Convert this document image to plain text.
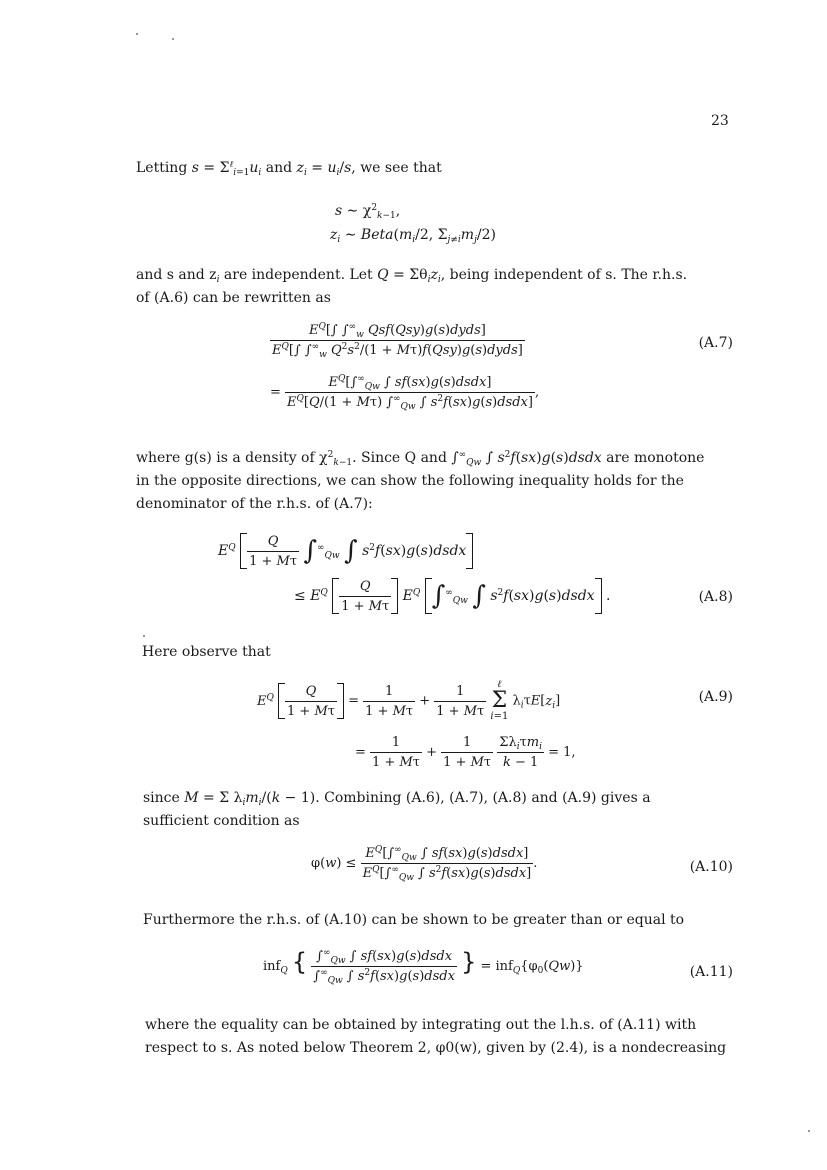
23
Letting $s = \Sigma^\ell_{i=1}u_i$ and $z_i = u_i/s$, we see that
s ∼ $\chi^2_{k-1}$,
$z_i$ ∼ $Beta(m_i/2$, $\Sigma_{j\ne i}m_j/2$)
and s and $z_i$ are independent. Let $Q = \Sigma\theta_iz_i$, being independent of s. The r.h.s.
of (A.6) can be rewritten as
$\frac{E^Q[\int \int^\infty_w Qsf(Qsy)g(s)dyds]}{E^Q[\int \int^\infty_w Q^2s^2/(1 + M\tau)f(Qsy)g(s)dyds]}$	(A.7)
= $\frac{E^Q[\int^\infty_{Qw} \int sf(sx)g(s)dsdx]}{E^Q[Q/(1 + M\tau) \int^\infty_{Qw} \int s^2f(sx)g(s)dsdx]}$ ,
where g(s) is a density of $\chi^2_{k-1}$. Since Q and $\int^\infty_{Qw}$ ∫ $s^2f(sx)g(s)dsdx$ are monotone
in the opposite directions, we can show the following inequality holds for the
denominator of the r.h.s. of (A.7):
$E^Q \frac{Q}{1 + M\tau} \int^\infty_{Qw}$ ∫ $s^2f(sx)g(s)dsdx$
≤ $E^Q \frac{Q}{1 + M\tau} E^Q$ $\int^\infty_{Qw}$ ∫ $s^2f(sx)g(s)dsdx$ .	(A.8)
Here observe that
$E^Q \frac{Q}{1 + M\tau} = \frac{1}{1 + M\tau} + \frac{1}{1 + M\tau}$ ℓ
Σ
i=1 $\lambda_i\tau E[z_i]$	(A.9)
= $\frac{1}{1 + M\tau} + \frac{1}{1 + M\tau}$
$\frac{\Sigma\lambda_i\tau m_i}{k - 1} = 1$,
since M = Σ $\lambda_im_i/(k - 1)$. Combining (A.6), (A.7), (A.8) and (A.9) gives a
sufficient condition as
$\varphi(w) \le \frac{E^Q[\int^\infty_{Qw} \int sf(sx)g(s)dsdx]}{E^Q[\int^\infty_{Qw} \int s^2f(sx)g(s)dsdx]}$ .	(A.10)
Furthermore the r.h.s. of (A.10) can be shown to be greater than or equal to
inf$_Q$ { $\frac{\int^\infty_{Qw} \int sf(sx)g(s)dsdx}{\int^\infty_{Qw} \int s^2f(sx)g(s)dsdx}$ } = $inf_Q\{\varphi_0(Qw)\}$	(A.11)
where the equality can be obtained by integrating out the l.h.s. of (A.11) with
respect to s. As noted below Theorem 2, φ0(w), given by (2.4), is a nondecreasing
